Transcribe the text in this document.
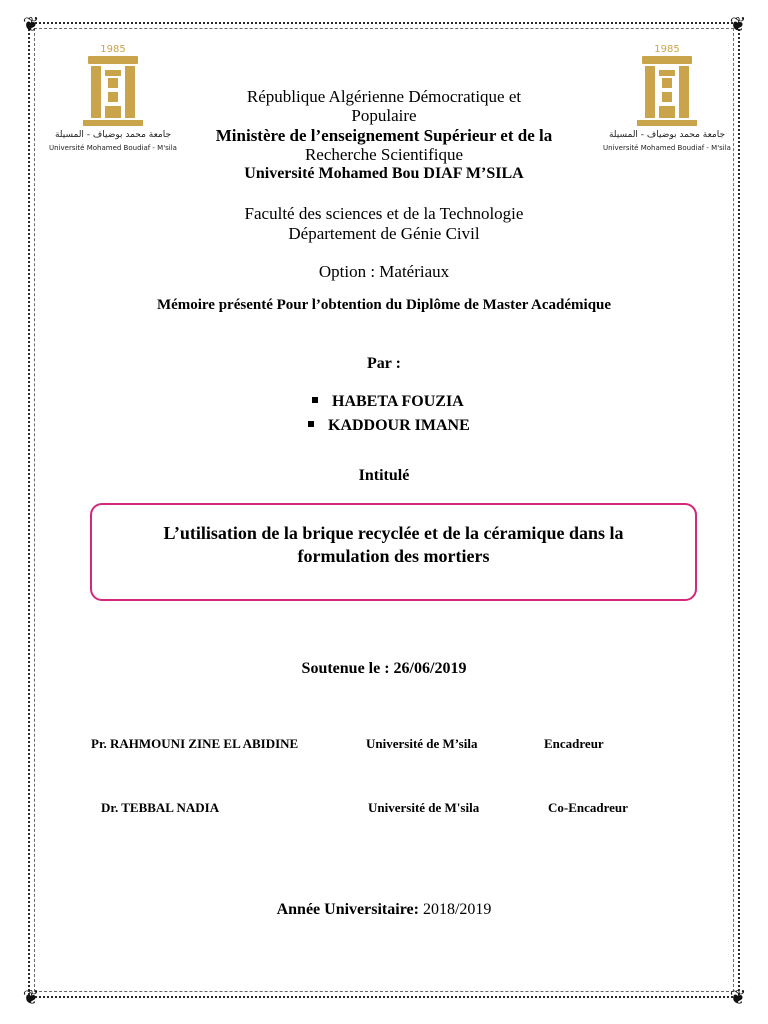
❦	❦
❦	❦
1985
جامعة محمد بوضياف - المسيلة
Université Mohamed Boudiaf - M'sila
1985
جامعة محمد بوضياف - المسيلة
Université Mohamed Boudiaf - M'sila
République Algérienne Démocratique et
Populaire
Ministère de l’enseignement Supérieur et de la
Recherche Scientifique
Université Mohamed Bou DIAF M’SILA
Faculté des sciences et de la Technologie
Département de Génie Civil
Option : Matériaux
Mémoire présenté Pour l’obtention du Diplôme de Master Académique
Par :
HABETA FOUZIA
KADDOUR IMANE
Intitulé
L’utilisation de la brique recyclée et de la céramique dans la
formulation des mortiers
Soutenue le : 26/06/2019
Pr. RAHMOUNI ZINE EL ABIDINE	Université de M’sila	Encadreur
Dr. TEBBAL NADIA	Université de M'sila	Co-Encadreur
Année Universitaire: 2018/2019
